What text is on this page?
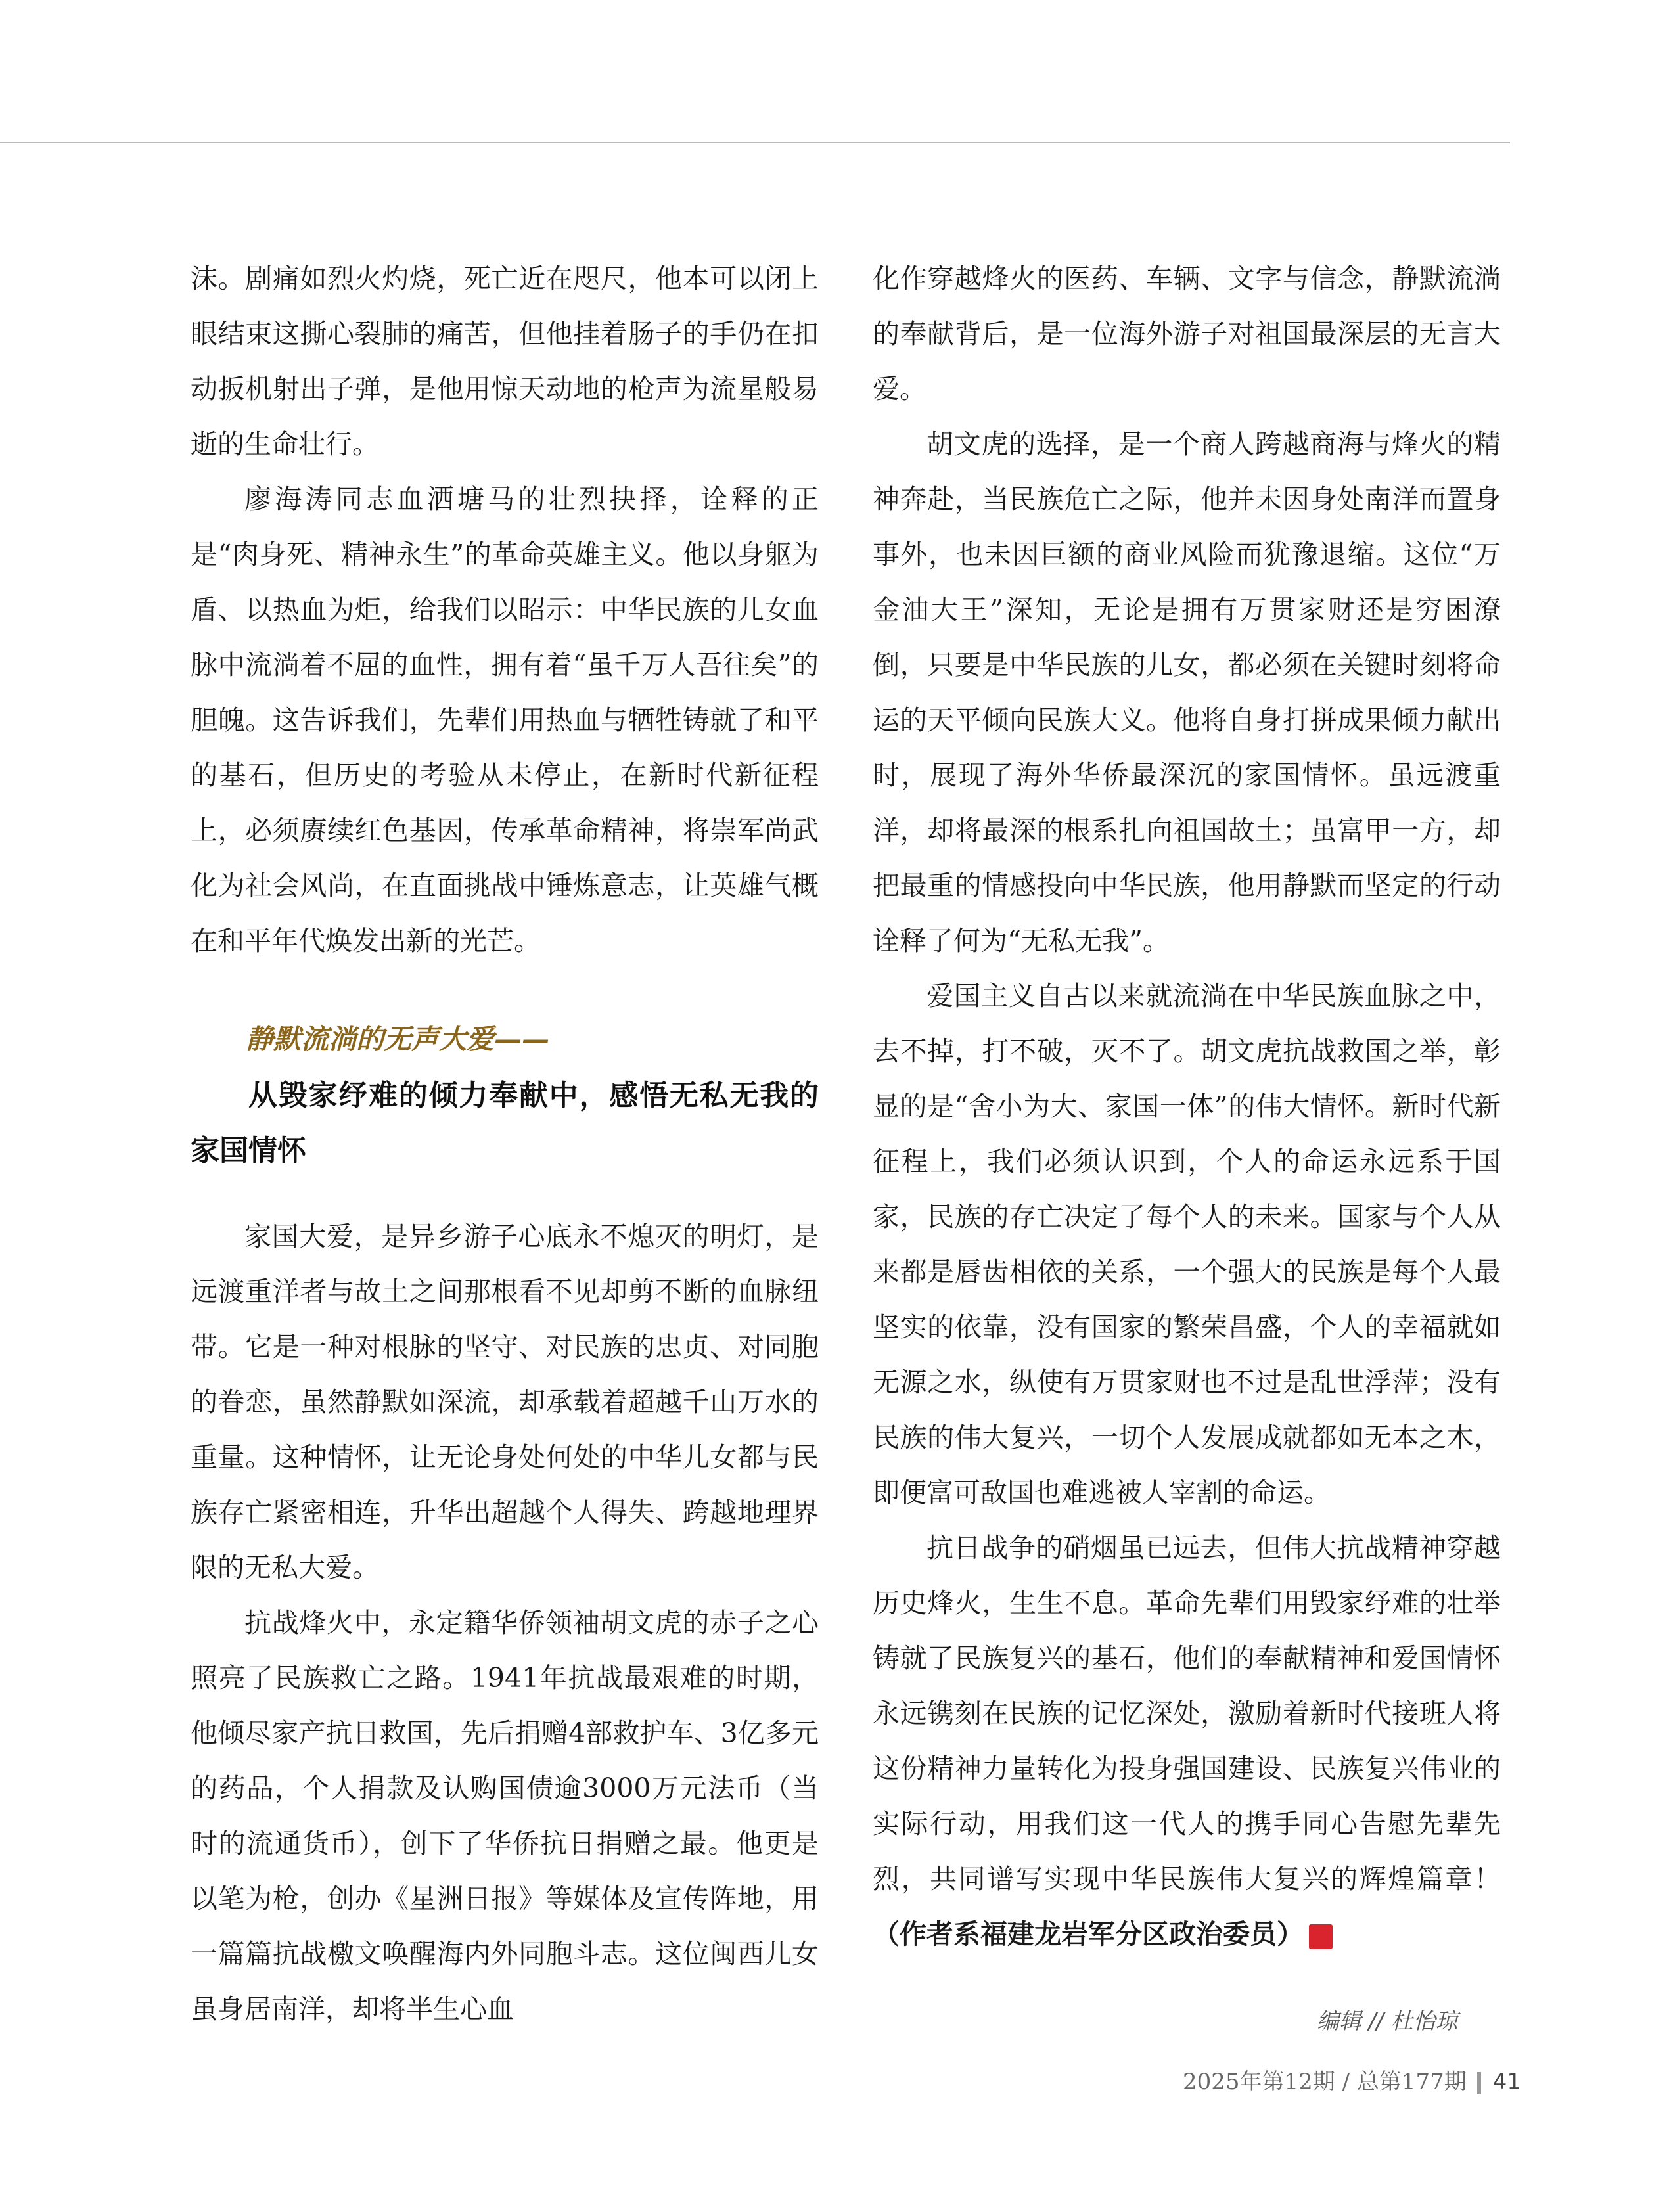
沫。剧痛如烈火灼烧，死亡近在咫尺，他本可以闭上眼结束这撕心裂肺的痛苦，但他挂着肠子的手仍在扣动扳机射出子弹，是他用惊天动地的枪声为流星般易逝的生命壮行。

廖海涛同志血洒塘马的壮烈抉择，诠释的正是“肉身死、精神永生”的革命英雄主义。他以身躯为盾、以热血为炬，给我们以昭示：中华民族的儿女血脉中流淌着不屈的血性，拥有着“虽千万人吾往矣”的胆魄。这告诉我们，先辈们用热血与牺牲铸就了和平的基石，但历史的考验从未停止，在新时代新征程上，必须赓续红色基因，传承革命精神，将崇军尚武化为社会风尚，在直面挑战中锤炼意志，让英雄气概在和平年代焕发出新的光芒。

静默流淌的无声大爱——

从毁家纾难的倾力奉献中，感悟无私无我的家国情怀

家国大爱，是异乡游子心底永不熄灭的明灯，是远渡重洋者与故土之间那根看不见却剪不断的血脉纽带。它是一种对根脉的坚守、对民族的忠贞、对同胞的眷恋，虽然静默如深流，却承载着超越千山万水的重量。这种情怀，让无论身处何处的中华儿女都与民族存亡紧密相连，升华出超越个人得失、跨越地理界限的无私大爱。

抗战烽火中，永定籍华侨领袖胡文虎的赤子之心照亮了民族救亡之路。1941年抗战最艰难的时期，他倾尽家产抗日救国，先后捐赠4部救护车、3亿多元的药品，个人捐款及认购国债逾3000万元法币（当时的流通货币），创下了华侨抗日捐赠之最。他更是以笔为枪，创办《星洲日报》等媒体及宣传阵地，用一篇篇抗战檄文唤醒海内外同胞斗志。这位闽西儿女虽身居南洋，却将半生心血

化作穿越烽火的医药、车辆、文字与信念，静默流淌的奉献背后，是一位海外游子对祖国最深层的无言大爱。

胡文虎的选择，是一个商人跨越商海与烽火的精神奔赴，当民族危亡之际，他并未因身处南洋而置身事外，也未因巨额的商业风险而犹豫退缩。这位“万金油大王”深知，无论是拥有万贯家财还是穷困潦倒，只要是中华民族的儿女，都必须在关键时刻将命运的天平倾向民族大义。他将自身打拼成果倾力献出时，展现了海外华侨最深沉的家国情怀。虽远渡重洋，却将最深的根系扎向祖国故土；虽富甲一方，却把最重的情感投向中华民族，他用静默而坚定的行动诠释了何为“无私无我”。

爱国主义自古以来就流淌在中华民族血脉之中，去不掉，打不破，灭不了。胡文虎抗战救国之举，彰显的是“舍小为大、家国一体”的伟大情怀。新时代新征程上，我们必须认识到，个人的命运永远系于国家，民族的存亡决定了每个人的未来。国家与个人从来都是唇齿相依的关系，一个强大的民族是每个人最坚实的依靠，没有国家的繁荣昌盛，个人的幸福就如无源之水，纵使有万贯家财也不过是乱世浮萍；没有民族的伟大复兴，一切个人发展成就都如无本之木，即便富可敌国也难逃被人宰割的命运。

抗日战争的硝烟虽已远去，但伟大抗战精神穿越历史烽火，生生不息。革命先辈们用毁家纾难的壮举铸就了民族复兴的基石，他们的奉献精神和爱国情怀永远镌刻在民族的记忆深处，激励着新时代接班人将这份精神力量转化为投身强国建设、民族复兴伟业的实际行动，用我们这一代人的携手同心告慰先辈先烈，共同谱写实现中华民族伟大复兴的辉煌篇章！（作者系福建龙岩军分区政治委员）	G

编辑 // 杜怡琼
2025年第12期 / 总第177期 41
